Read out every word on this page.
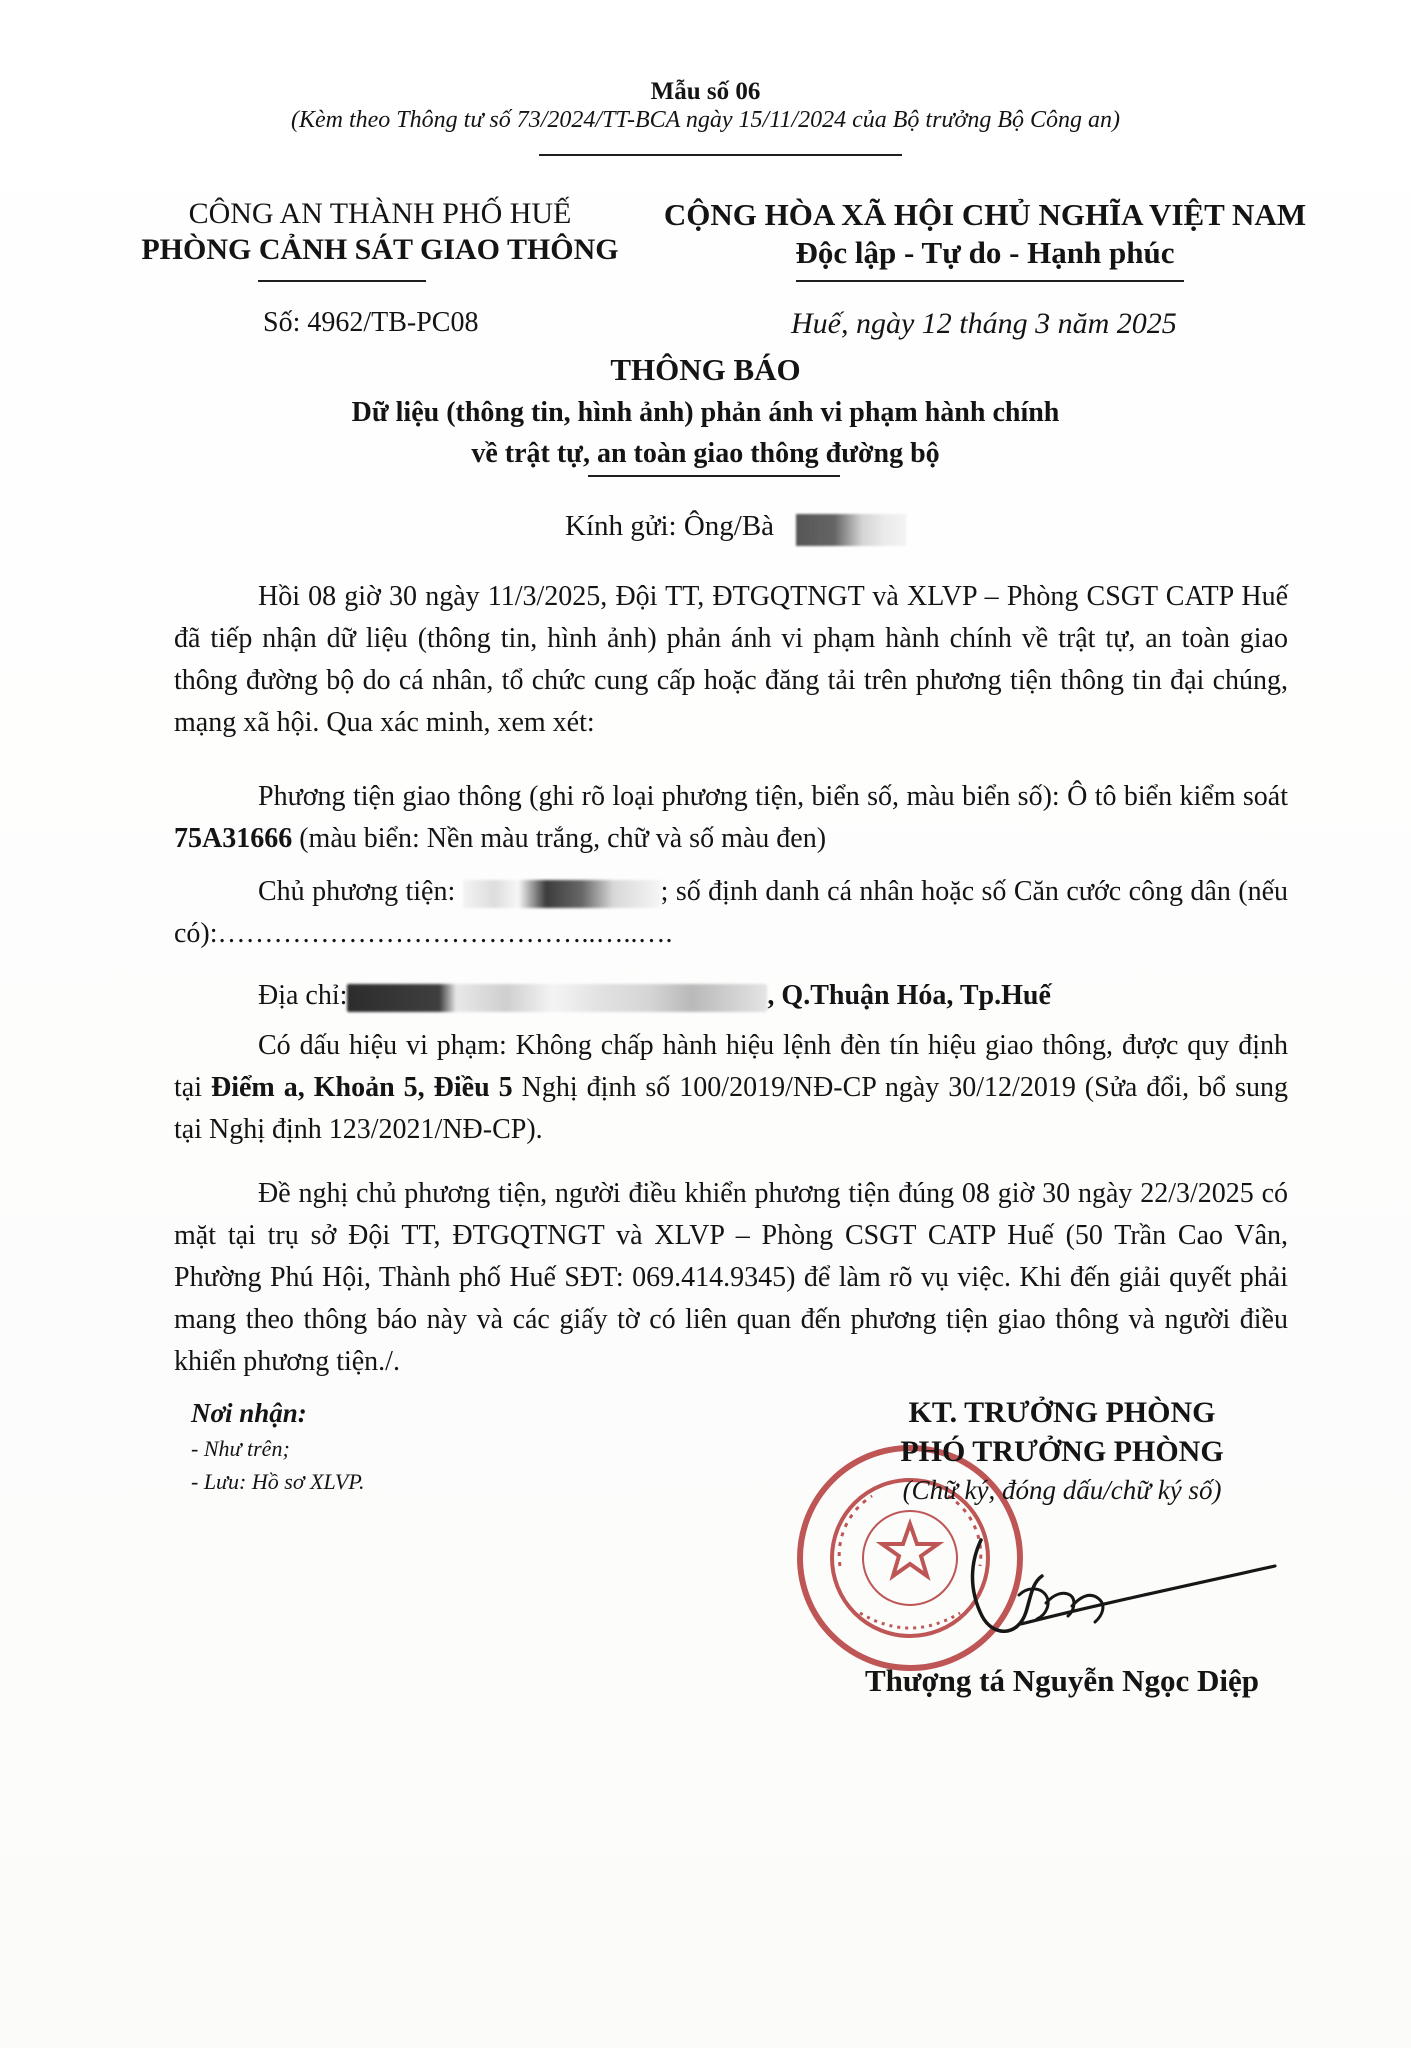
Mẫu số 06
(Kèm theo Thông tư số 73/2024/TT-BCA ngày 15/11/2024 của Bộ trưởng Bộ Công an)
CÔNG AN THÀNH PHỐ HUẾ
PHÒNG CẢNH SÁT GIAO THÔNG
CỘNG HÒA XÃ HỘI CHỦ NGHĨA VIỆT NAM
Độc lập - Tự do - Hạnh phúc
Số: 4962/TB-PC08	Huế, ngày 12 tháng 3 năm 2025
THÔNG BÁO
Dữ liệu (thông tin, hình ảnh) phản ánh vi phạm hành chính
về trật tự, an toàn giao thông đường bộ
Kính gửi: Ông/Bà

Hồi 08 giờ 30 ngày 11/3/2025, Đội TT, ĐTGQTNGT và XLVP – Phòng CSGT CATP Huế đã tiếp nhận dữ liệu (thông tin, hình ảnh) phản ánh vi phạm hành chính về trật tự, an toàn giao thông đường bộ do cá nhân, tổ chức cung cấp hoặc đăng tải trên phương tiện thông tin đại chúng, mạng xã hội. Qua xác minh, xem xét:

Phương tiện giao thông (ghi rõ loại phương tiện, biển số, màu biển số): Ô tô biển kiểm soát 75A31666 (màu biển: Nền màu trắng, chữ và số màu đen)

Chủ phương tiện:	; số định danh cá nhân hoặc số Căn cước công dân (nếu có):…………………………………..…..….

Địa chỉ:	, Q.Thuận Hóa, Tp.Huế

Có dấu hiệu vi phạm: Không chấp hành hiệu lệnh đèn tín hiệu giao thông, được quy định tại Điểm a, Khoản 5, Điều 5 Nghị định số 100/2019/NĐ-CP ngày 30/12/2019 (Sửa đổi, bổ sung tại Nghị định 123/2021/NĐ-CP).

Đề nghị chủ phương tiện, người điều khiển phương tiện đúng 08 giờ 30 ngày 22/3/2025 có mặt tại trụ sở Đội TT, ĐTGQTNGT và XLVP – Phòng CSGT CATP Huế (50 Trần Cao Vân, Phường Phú Hội, Thành phố Huế SĐT: 069.414.9345) để làm rõ vụ việc. Khi đến giải quyết phải mang theo thông báo này và các giấy tờ có liên quan đến phương tiện giao thông và người điều khiển phương tiện./.

Nơi nhận:
- Như trên;
- Lưu: Hồ sơ XLVP.
KT. TRƯỞNG PHÒNG
PHÓ TRƯỞNG PHÒNG
(Chữ ký, đóng dấu/chữ ký số)
Thượng tá Nguyễn Ngọc Diệp
